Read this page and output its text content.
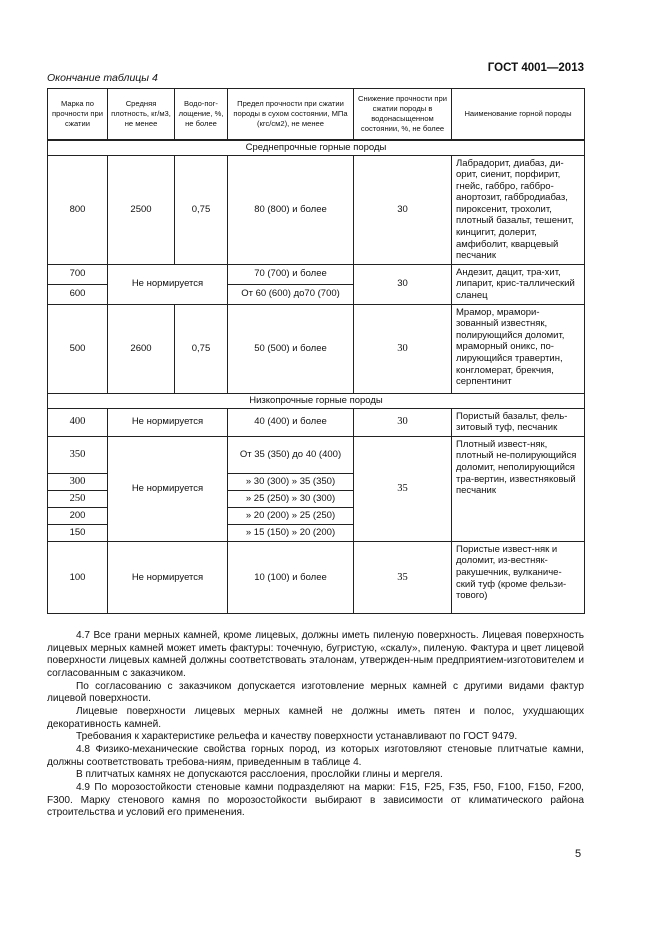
ГОСТ 4001—2013
Окончание таблицы 4
Марка по прочности при сжатии	Средняя плотность, кг/м3, не менее	Водо-пог-лощение, %, не более	Предел прочности при сжатии породы в сухом состоянии, МПа (кгс/см2), не менее	Снижение прочности при сжатии породы в водонасыщенном состоянии, %, не более	Наименование горной породы
Среднепрочные горные породы					
800	2500	0,75	80 (800) и более	30	Лабрадорит, диабаз, ди-орит, сиенит, порфирит, гнейс, габбро, габбро-анортозит, габбродиабаз, пироксенит, трохолит, плотный базальт, тешенит, кинцигит, долерит, амфиболит, кварцевый песчаник
700	Не нормируется		70 (700) и более	30	Андезит, дацит, тра-хит, липарит, крис-таллический сланец
600			От 60 (600) до70 (700)		
500	2600	0,75	50 (500) и более	30	Мрамор, мрамори-зованный известняк, полирующийся доломит, мраморный оникс, по-лирующийся травертин, конгломерат, брекчия, серпентинит
Низкопрочные горные породы					
400	Не нормируется		40 (400) и более	30	Пористый базальт, фель-зитовый туф, песчаник
350	Не нормируется		От 35 (350) до 40 (400)	35	Плотный извест-няк, плотный не-полирующийся доломит, неполирующийся тра-вертин, известняковый песчаник
300			» 30 (300) » 35 (350)		
250			» 25 (250) » 30 (300)		
200			» 20 (200) » 25 (250)		
150			» 15 (150) » 20 (200)		
100	Не нормируется		10 (100) и более	35	Пористые извест-няк и доломит, из-вестняк-ракушечник, вулканиче-ский туф (кроме фельзи-тового)

4.7 Все грани мерных камней, кроме лицевых, должны иметь пиленую поверхность. Лицевая поверхность лицевых мерных камней может иметь фактуры: точечную, бугристую, «скалу», пиленую. Фактура и цвет лицевой поверхности лицевых камней должны соответствовать эталонам, утвержден-ным предприятием-изготовителем и согласованным с заказчиком.

По согласованию с заказчиком допускается изготовление мерных камней с другими видами фактур лицевой поверхности.

Лицевые поверхности лицевых мерных камней не должны иметь пятен и полос, ухудшающих декоративность камней.

Требования к характеристике рельефа и качеству поверхности устанавливают по ГОСТ 9479.

4.8 Физико-механические свойства горных пород, из которых изготовляют стеновые плитчатые камни, должны соответствовать требова-ниям, приведенным в таблице 4.

В плитчатых камнях не допускаются расслоения, прослойки глины и мергеля.

4.9 По морозостойкости стеновые камни подразделяют на марки: F15, F25, F35, F50, F100, F150, F200, F300. Марку стенового камня по морозостойкости выбирают в зависимости от климатического района строительства и условий его применения.

5
